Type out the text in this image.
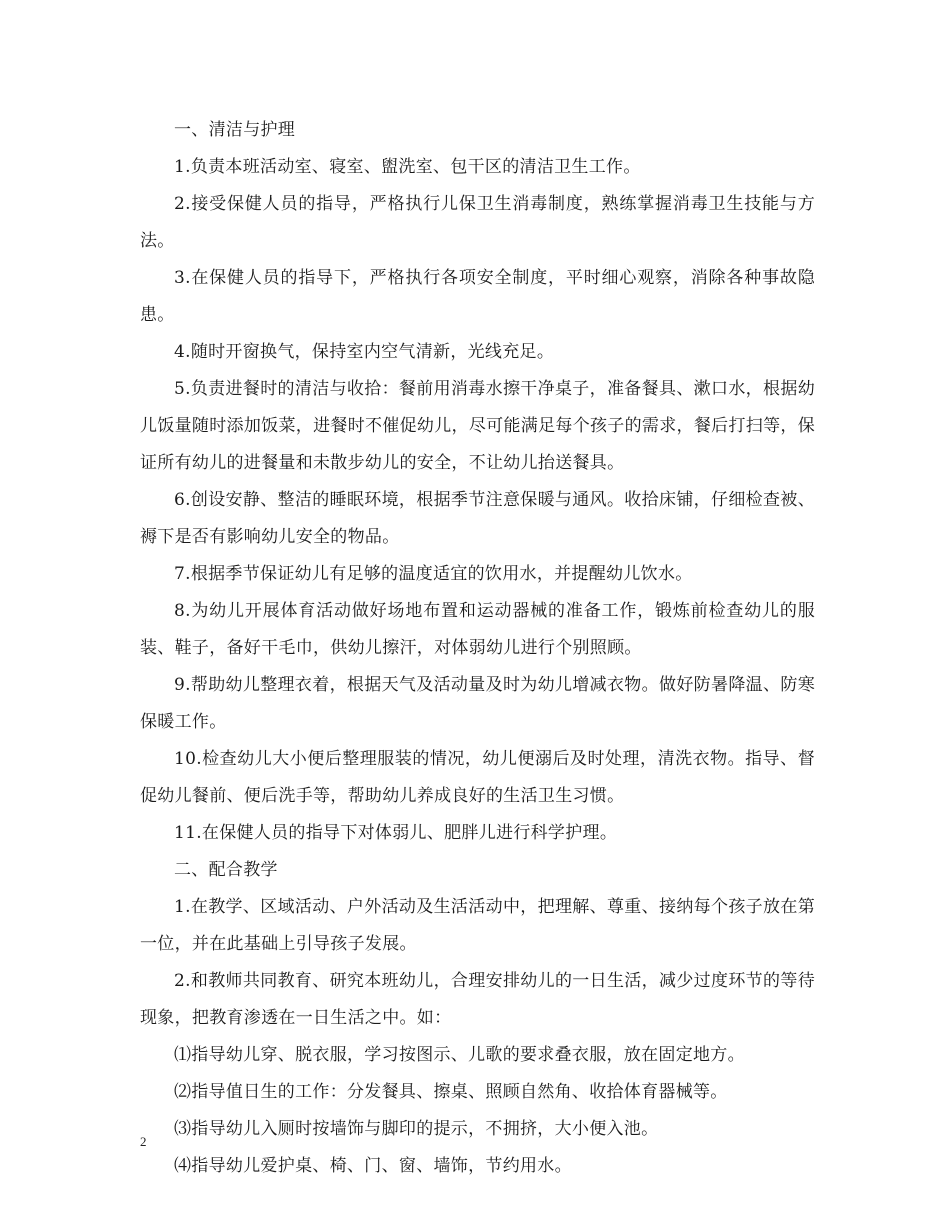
一、清洁与护理

1.负责本班活动室、寝室、盥洗室、包干区的清洁卫生工作。

2.接受保健人员的指导，严格执行儿保卫生消毒制度，熟练掌握消毒卫生技能与方法。

3.在保健人员的指导下，严格执行各项安全制度，平时细心观察，消除各种事故隐患。

4.随时开窗换气，保持室内空气清新，光线充足。

5.负责进餐时的清洁与收拾：餐前用消毒水擦干净桌子，准备餐具、漱口水，根据幼儿饭量随时添加饭菜，进餐时不催促幼儿，尽可能满足每个孩子的需求，餐后打扫等，保证所有幼儿的进餐量和未散步幼儿的安全，不让幼儿抬送餐具。

6.创设安静、整洁的睡眠环境，根据季节注意保暖与通风。收拾床铺，仔细检查被、褥下是否有影响幼儿安全的物品。

7.根据季节保证幼儿有足够的温度适宜的饮用水，并提醒幼儿饮水。

8.为幼儿开展体育活动做好场地布置和运动器械的准备工作，锻炼前检查幼儿的服装、鞋子，备好干毛巾，供幼儿擦汗，对体弱幼儿进行个别照顾。

9.帮助幼儿整理衣着，根据天气及活动量及时为幼儿增减衣物。做好防暑降温、防寒保暖工作。

10.检查幼儿大小便后整理服装的情况，幼儿便溺后及时处理，清洗衣物。指导、督促幼儿餐前、便后洗手等，帮助幼儿养成良好的生活卫生习惯。

11.在保健人员的指导下对体弱儿、肥胖儿进行科学护理。

二、配合教学

1.在教学、区域活动、户外活动及生活活动中，把理解、尊重、接纳每个孩子放在第一位，并在此基础上引导孩子发展。

2.和教师共同教育、研究本班幼儿，合理安排幼儿的一日生活，减少过度环节的等待现象，把教育渗透在一日生活之中。如：

⑴指导幼儿穿、脱衣服，学习按图示、儿歌的要求叠衣服，放在固定地方。

⑵指导值日生的工作：分发餐具、擦桌、照顾自然角、收拾体育器械等。

⑶指导幼儿入厕时按墙饰与脚印的提示，不拥挤，大小便入池。

⑷指导幼儿爱护桌、椅、门、窗、墙饰，节约用水。

2
